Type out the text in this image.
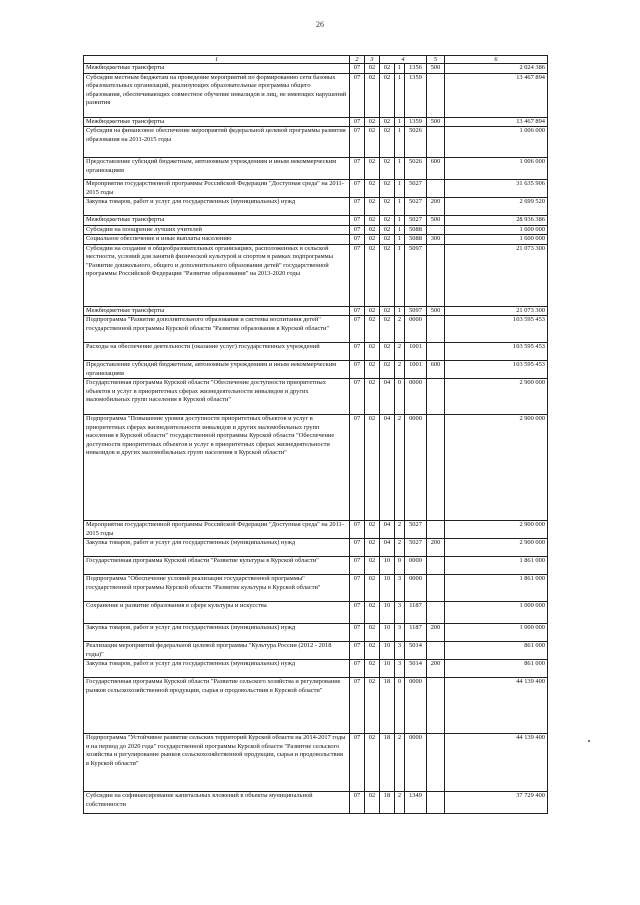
26
1	2	3	4			5	6
Межбюджетные трансферты	07	02	02	1	1356	500	2 024 386
Субсидии местным бюджетам на проведение мероприятий по формированию сети базовых образовательных организаций, реализующих образовательные программы общего образования, обеспечивающих совместное обучение инвалидов и лиц, не имеющих нарушений развития	07	02	02	1	1359		13 467 894
Межбюджетные трансферты	07	02	02	1	1359	500	13 467 894
Субсидия на финансовое обеспечение мероприятий федеральной целевой программы развития образования на 2011-2015 годы	07	02	02	1	5026		1 006 000
Предоставление субсидий бюджетным, автономным учреждениям и иным некоммерческим организациям	07	02	02	1	5026	600	1 006 000
Мероприятия государственной программы Российской Федерации "Доступная среда" на 2011-2015 годы	07	02	02	1	5027		31 635 906
Закупка товаров, работ и услуг для государственных (муниципальных) нужд	07	02	02	1	5027	200	2 699 520
Межбюджетные трансферты	07	02	02	1	5027	500	28 936 386
Субсидии на поощрение лучших учителей	07	02	02	1	5088		1 600 000
Социальное обеспечение и иные выплаты населению	07	02	02	1	5088	300	1 600 000
Субсидии на создание в общеобразовательных организациях, расположенных в сельской местности, условий для занятий физической культурой и спортом в рамках подпрограммы "Развитие дошкольного, общего и дополнительного образования детей" государственной программы Российской Федерации "Развитие образования" на 2013-2020 годы	07	02	02	1	5097		21 073 300
Межбюджетные трансферты	07	02	02	1	5097	500	21 073 300
Подпрограмма "Развитие дополнительного образования и системы воспитания детей" государственной программы Курской области "Развитие образования в Курской области"	07	02	02	2	0000		103 595 453
Расходы на обеспечение деятельности (оказание услуг) государственных учреждений	07	02	02	2	1001		103 595 453
Предоставление субсидий бюджетным, автономным учреждениям и иным некоммерческим организациям	07	02	02	2	1001	600	103 595 453
Государственная программа Курской области "Обеспечение доступности приоритетных объектов и услуг в приоритетных сферах жизнедеятельности инвалидов и других маломобильных групп населения в Курской области"	07	02	04	0	0000		2 900 000
Подпрограмма "Повышение уровня доступности приоритетных объектов и услуг в приоритетных сферах жизнедеятельности инвалидов и других маломобильных групп населения в Курской области" государственной программы Курской области "Обеспечение доступности приоритетных объектов и услуг в приоритетных сферах жизнедеятельности инвалидов и других маломобильных групп населения в Курской области"	07	02	04	2	0000		2 900 000
Мероприятия государственной программы Российской Федерации "Доступная среда" на 2011-2015 годы	07	02	04	2	5027		2 900 000
Закупка товаров, работ и услуг для государственных (муниципальных) нужд	07	02	04	2	5027	200	2 900 000
Государственная программа Курской области "Развитие культуры в Курской области"	07	02	10	0	0000		1 861 000
Подпрограмма "Обеспечение условий реализации государственной программы" государственной программы Курской области "Развитие культуры в Курской области"	07	02	10	3	0000		1 861 000
Сохранение и развитие образования в сфере культуры и искусства	07	02	10	3	1187		1 000 000
Закупка товаров, работ и услуг для государственных (муниципальных) нужд	07	02	10	3	1187	200	1 000 000
Реализация мероприятий федеральной целевой программы "Культура России (2012 - 2018 годы)"	07	02	10	3	5014		861 000
Закупка товаров, работ и услуг для государственных (муниципальных) нужд	07	02	10	3	5014	200	861 000
Государственная программа Курской области "Развитие сельского хозяйства и регулирование рынков сельскохозяйственной продукции, сырья и продовольствия в Курской области"	07	02	18	0	0000		44 139 400
Подпрограмма "Устойчивое развитие сельских территорий Курской области на 2014-2017 годы и на период до 2020 года" государственной программы Курской области "Развитие сельского хозяйства и регулирование рынков сельскохозяйственной продукции, сырья и продовольствия в Курской области"	07	02	18	2	0000		44 139 400
Субсидии на софинансирование капитальных вложений в объекты муниципальной собственности	07	02	18	2	1349		37 729 400
